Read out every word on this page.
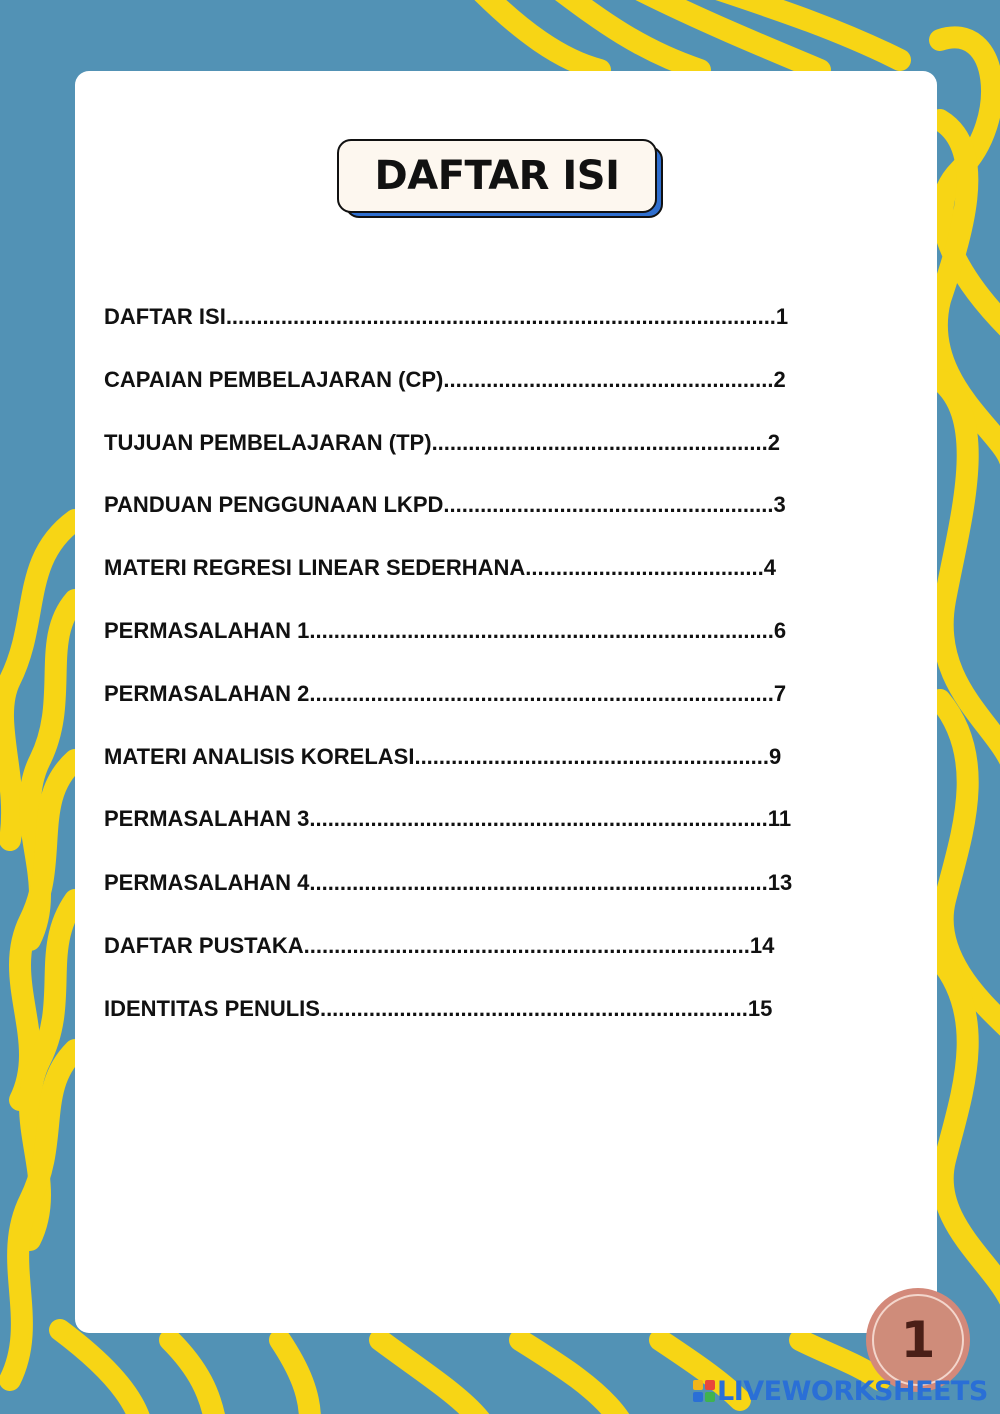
DAFTAR ISI
DAFTAR ISI..........................................................................................1
CAPAIAN PEMBELAJARAN (CP)......................................................2
TUJUAN PEMBELAJARAN (TP).......................................................2
PANDUAN PENGGUNAAN LKPD......................................................3
MATERI REGRESI LINEAR SEDERHANA.......................................4
PERMASALAHAN 1............................................................................6
PERMASALAHAN 2............................................................................7
MATERI ANALISIS KORELASI..........................................................9
PERMASALAHAN 3...........................................................................11
PERMASALAHAN 4...........................................................................13
DAFTAR PUSTAKA.........................................................................14
IDENTITAS PENULIS......................................................................15
1
LIVEWORKSHEETS
